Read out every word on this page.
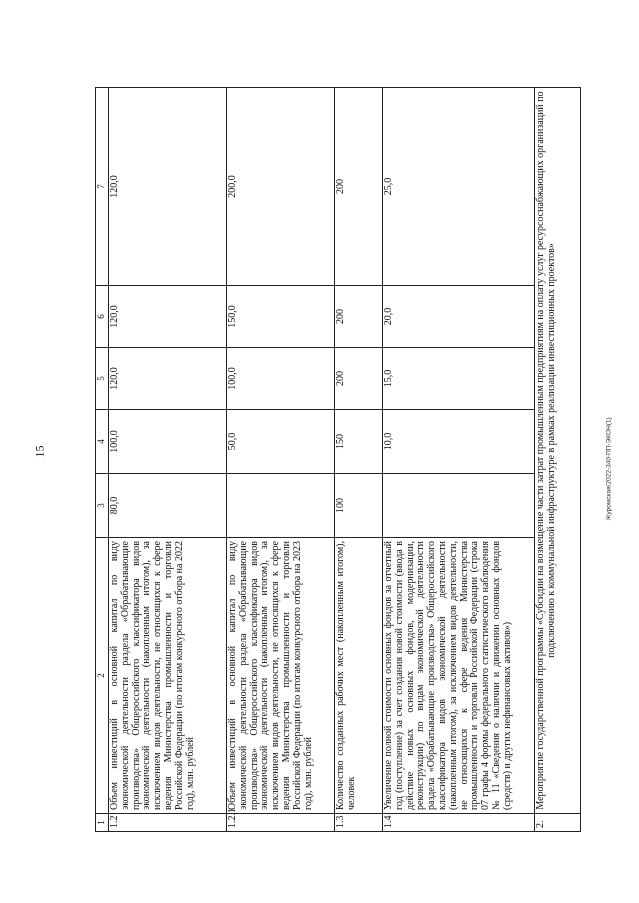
15	Журомская/2022-340-ПП-ЭКОН(1)
1	2	3	4	5	6	7
1.2	Объем инвестиций в основной капитал по виду экономической деятельности раздела «Обрабатывающие производства» Общероссийского классификатора видов экономической деятельности (накопленным итогом), за исключением видов деятельности, не относящихся к сфере ведения Министерства промышленности и торговли Российской Федерации (по итогам конкурсного отбора на 2022 год), млн. рублей	80,0	100,0	120,0	120,0	120,0
1.2.1	Объем инвестиций в основной капитал по виду экономической деятельности раздела «Обрабатывающие производства» Общероссийского классификатора видов экономической деятельности (накопленным итогом), за исключением видов деятельности, не относящихся к сфере ведения Министерства промышленности и торговли Российской Федерации (по итогам конкурсного отбора на 2023 год), млн. рублей		50,0	100,0	150,0	200,0
1.3	Количество созданных рабочих мест (накопленным итогом), человек	100	150	200	200	200
1.4	Увеличение полной стоимости основных фондов за отчетный год (поступление) за счет создания новой стоимости (ввода в действие новых основных фондов, модернизации, реконструкции) по видам экономической деятельности раздела «Обрабатывающие производства» Общероссийского классификатора видов экономической деятельности (накопленным итогом), за исключением видов деятельности, не относящихся к сфере ведения Министерства промышленности и торговли Российской Федерации (строка 07 графы 4 формы федерального статистического наблюдения № 11 «Сведения о наличии и движении основных фондов (средств) и других нефинансовых активов»)		10,0	15,0	20,0	25,0
2.	Мероприятие государственной программы «Субсидии на возмещение части затрат промышленным предприятиям на оплату услуг ресурсоснабжающих организаций по подключению к коммунальной инфраструктуре в рамках реализации инвестиционных проектов»					
